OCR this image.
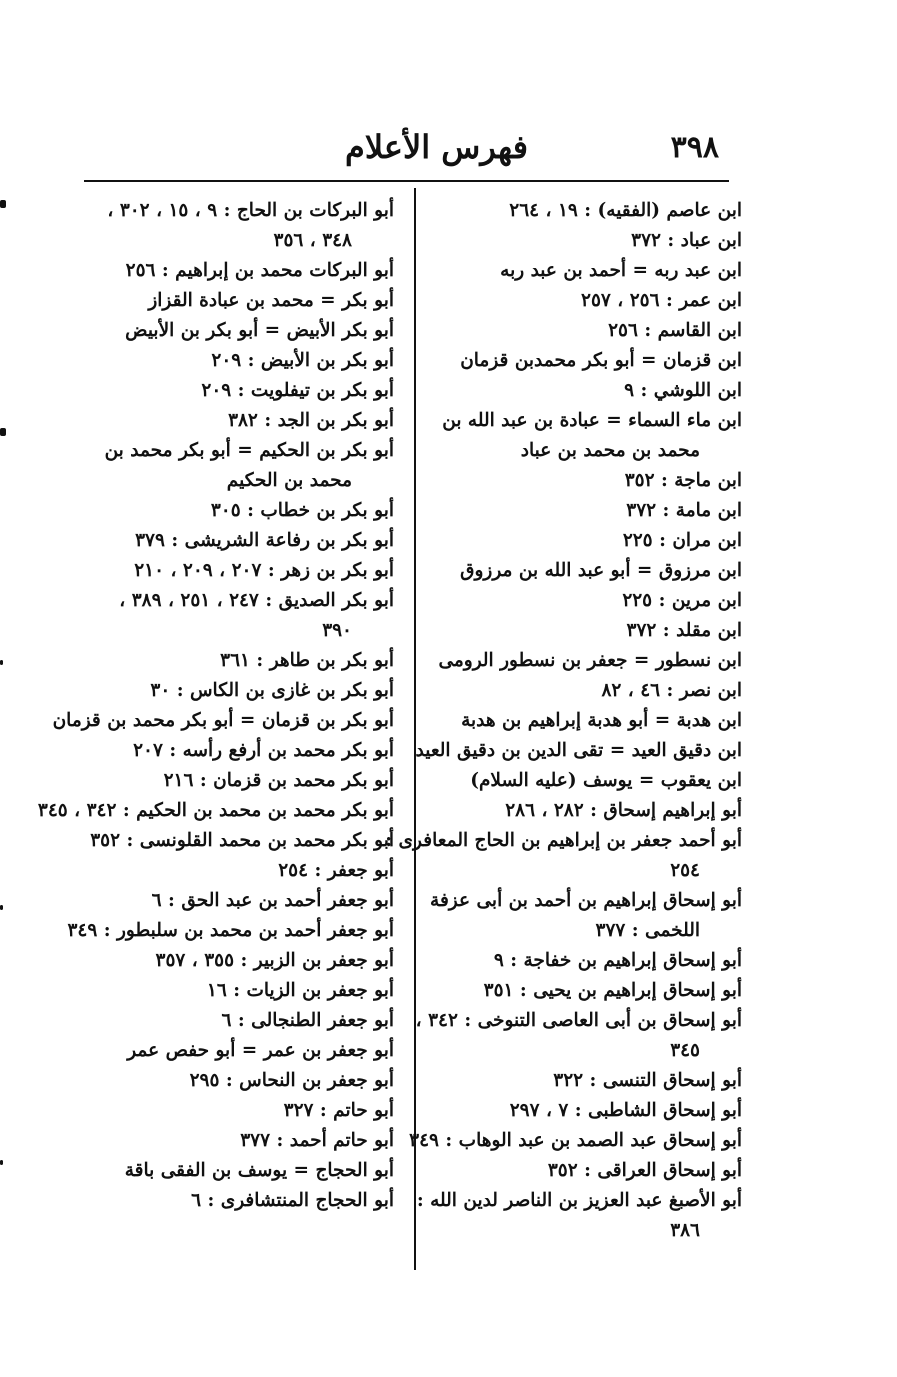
٣٩٨
فهرس الأعلام
ابن عاصم (الفقيه) : ١٩ ، ٢٦٤
ابن عباد : ٣٧٢
ابن عبد ربه = أحمد بن عبد ربه
ابن عمر : ٢٥٦ ، ٢٥٧
ابن القاسم : ٢٥٦
ابن قزمان = أبو بكر محمدبن قزمان
ابن اللوشي : ٩
ابن ماء السماء = عبادة بن عبد الله بن
محمد بن محمد بن عباد
ابن ماجة : ٣٥٢
ابن مامة : ٣٧٢
ابن مران : ٢٢٥
ابن مرزوق = أبو عبد الله بن مرزوق
ابن مرين : ٢٢٥
ابن مقلد : ٣٧٢
ابن نسطور = جعفر بن نسطور الرومى
ابن نصر : ٤٦ ، ٨٢
ابن هدبة = أبو هدبة إبراهيم بن هدبة
ابن دقيق العيد = تقى الدين بن دقيق العيد
ابن يعقوب = يوسف (عليه السلام)
أبو إبراهيم إسحاق : ٢٨٢ ، ٢٨٦
أبو أحمد جعفر بن إبراهيم بن الحاج المعافرى :
٢٥٤
أبو إسحاق إبراهيم بن أحمد بن أبى عزفة
اللخمى : ٣٧٧
أبو إسحاق إبراهيم بن خفاجة : ٩
أبو إسحاق إبراهيم بن يحيى : ٣٥١
أبو إسحاق بن أبى العاصى التنوخى : ٣٤٢ ،
٣٤٥
أبو إسحاق التنسى : ٣٢٢
أبو إسحاق الشاطبى : ٧ ، ٢٩٧
أبو إسحاق عبد الصمد بن عبد الوهاب : ٣٤٩
أبو إسحاق العراقى : ٣٥٢
أبو الأصبغ عبد العزيز بن الناصر لدين الله :
٣٨٦
أبو البركات بن الحاج : ٩ ، ١٥ ، ٣٠٢ ،
٣٤٨ ، ٣٥٦
أبو البركات محمد بن إبراهيم : ٢٥٦
أبو بكر = محمد بن عبادة القزاز
أبو بكر الأبيض = أبو بكر بن الأبيض
أبو بكر بن الأبيض : ٢٠٩
أبو بكر بن تيفلويت : ٢٠٩
أبو بكر بن الجد : ٣٨٢
أبو بكر بن الحكيم = أبو بكر محمد بن
محمد بن الحكيم
أبو بكر بن خطاب : ٣٠٥
أبو بكر بن رفاعة الشريشى : ٣٧٩
أبو بكر بن زهر : ٢٠٧ ، ٢٠٩ ، ٢١٠
أبو بكر الصديق : ٢٤٧ ، ٢٥١ ، ٣٨٩ ،
٣٩٠
أبو بكر بن طاهر : ٣٦١
أبو بكر بن غازى بن الكاس : ٣٠
أبو بكر بن قزمان = أبو بكر محمد بن قزمان
أبو بكر محمد بن أرفع رأسه : ٢٠٧
أبو بكر محمد بن قزمان : ٢١٦
أبو بكر محمد بن محمد بن الحكيم : ٣٤٢ ، ٣٤٥
أبو بكر محمد بن محمد القلونسى : ٣٥٢
أبو جعفر : ٢٥٤
أبو جعفر أحمد بن عبد الحق : ٦
أبو جعفر أحمد بن محمد بن سلبطور : ٣٤٩
أبو جعفر بن الزبير : ٣٥٥ ، ٣٥٧
أبو جعفر بن الزيات : ١٦
أبو جعفر الطنجالى : ٦
أبو جعفر بن عمر = أبو حفص عمر
أبو جعفر بن النحاس : ٢٩٥
أبو حاتم : ٣٢٧
أبو حاتم أحمد : ٣٧٧
أبو الحجاج = يوسف بن الفقى باقة
أبو الحجاج المنتشافرى : ٦
